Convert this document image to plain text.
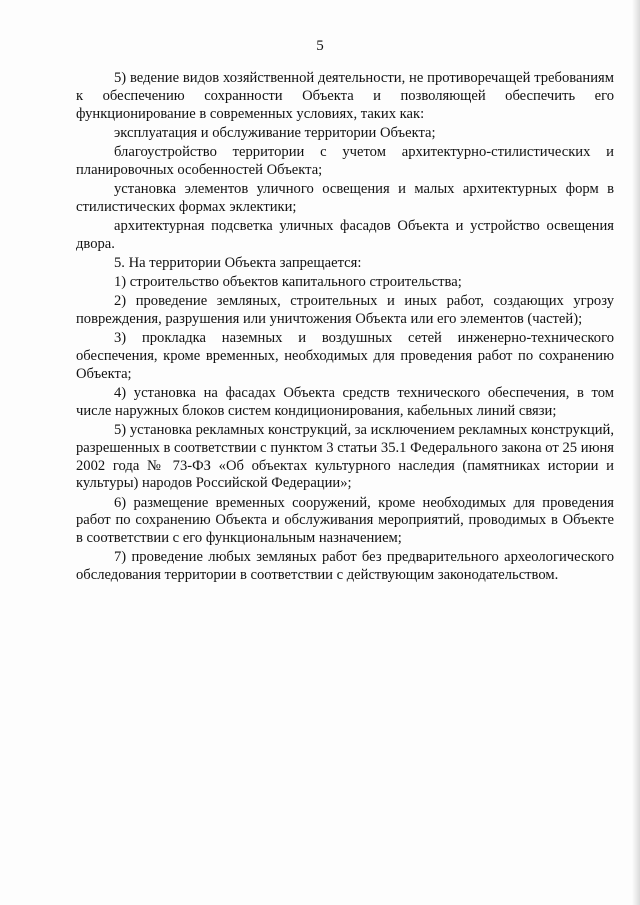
5

5) ведение видов хозяйственной деятельности, не противоречащей требованиям к обеспечению сохранности Объекта и позволяющей обеспечить его функционирование в современных условиях, таких как:

эксплуатация и обслуживание территории Объекта;

благоустройство территории с учетом архитектурно-стилистических и планировочных особенностей Объекта;

установка элементов уличного освещения и малых архитектурных форм в стилистических формах эклектики;

архитектурная подсветка уличных фасадов Объекта и устройство освещения двора.

5. На территории Объекта запрещается:

1) строительство объектов капитального строительства;

2) проведение земляных, строительных и иных работ, создающих угрозу повреждения, разрушения или уничтожения Объекта или его элементов (частей);

3) прокладка наземных и воздушных сетей инженерно-технического обеспечения, кроме временных, необходимых для проведения работ по сохранению Объекта;

4) установка на фасадах Объекта средств технического обеспечения, в том числе наружных блоков систем кондиционирования, кабельных линий связи;

5) установка рекламных конструкций, за исключением рекламных конструкций, разрешенных в соответствии с пунктом 3 статьи 35.1 Федерального закона от 25 июня 2002 года № 73-ФЗ «Об объектах культурного наследия (памятниках истории и культуры) народов Российской Федерации»;

6) размещение временных сооружений, кроме необходимых для проведения работ по сохранению Объекта и обслуживания мероприятий, проводимых в Объекте в соответствии с его функциональным назначением;

7) проведение любых земляных работ без предварительного археологического обследования территории в соответствии с действующим законодательством.
